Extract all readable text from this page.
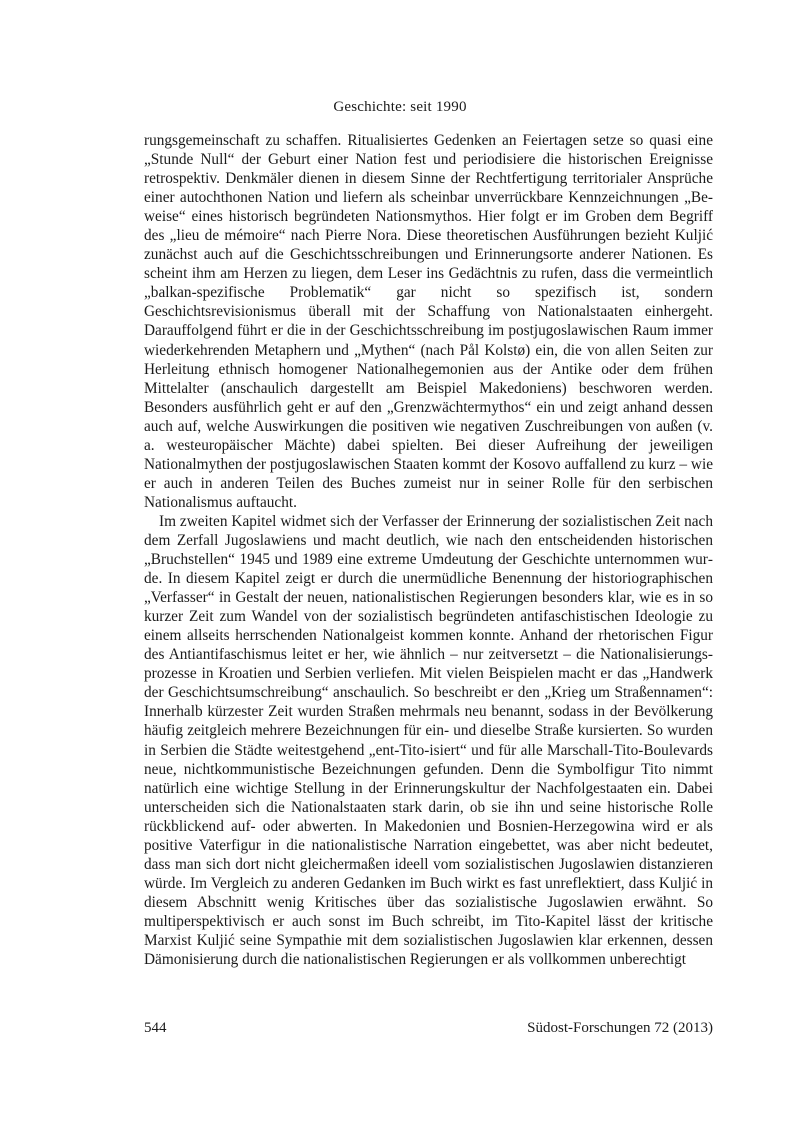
Geschichte: seit 1990

rungsgemeinschaft zu schaffen. Ritualisiertes Gedenken an Feiertagen setze so quasi eine „Stunde Null“ der Geburt einer Nation fest und periodisiere die historischen Ereignisse retrospektiv. Denkmäler dienen in diesem Sinne der Rechtfertigung territorialer Ansprüche einer autochthonen Nation und liefern als scheinbar unverrückbare Kennzeichnungen „Beweise“ eines historisch begründeten Nationsmythos. Hier folgt er im Groben dem Begriff des „lieu de mémoire“ nach Pierre Nora. Diese theoretischen Ausführungen bezieht Kuljić zunächst auch auf die Geschichtsschreibungen und Erinnerungsorte anderer Nationen. Es scheint ihm am Herzen zu liegen, dem Leser ins Gedächtnis zu rufen, dass die vermeintlich „balkan-spezifische Problematik“ gar nicht so spezifisch ist, sondern Geschichtsrevisionismus überall mit der Schaffung von Nationalstaaten einhergeht. Darauffolgend führt er die in der Geschichtsschreibung im postjugoslawischen Raum immer wiederkehrenden Metaphern und „Mythen“ (nach Pål Kolstø) ein, die von allen Seiten zur Herleitung ethnisch homogener Nationalhegemonien aus der Antike oder dem frühen Mittelalter (anschaulich dargestellt am Beispiel Makedoniens) beschworen werden. Besonders ausführlich geht er auf den „Grenzwächtermythos“ ein und zeigt anhand dessen auch auf, welche Auswirkungen die positiven wie negativen Zuschreibungen von außen (v. a. westeuropäischer Mächte) dabei spielten. Bei dieser Aufreihung der jeweiligen Nationalmythen der postjugoslawischen Staaten kommt der Kosovo auffallend zu kurz – wie er auch in anderen Teilen des Buches zumeist nur in seiner Rolle für den serbischen Nationalismus auftaucht.

Im zweiten Kapitel widmet sich der Verfasser der Erinnerung der sozialistischen Zeit nach dem Zerfall Jugoslawiens und macht deutlich, wie nach den entscheidenden historischen „Bruchstellen“ 1945 und 1989 eine extreme Umdeutung der Geschichte unternommen wurde. In diesem Kapitel zeigt er durch die unermüdliche Benennung der historiographischen „Verfasser“ in Gestalt der neuen, nationalistischen Regierungen besonders klar, wie es in so kurzer Zeit zum Wandel von der sozialistisch begründeten antifaschistischen Ideologie zu einem allseits herrschenden Nationalgeist kommen konnte. Anhand der rhetorischen Figur des Antiantifaschismus leitet er her, wie ähnlich – nur zeitversetzt – die Nationalisierungsprozesse in Kroatien und Serbien verliefen. Mit vielen Beispielen macht er das „Handwerk der Geschichtsumschreibung“ anschaulich. So beschreibt er den „Krieg um Straßennamen“: Innerhalb kürzester Zeit wurden Straßen mehrmals neu benannt, sodass in der Bevölkerung häufig zeitgleich mehrere Bezeichnungen für ein- und dieselbe Straße kursierten. So wurden in Serbien die Städte weitestgehend „ent-Tito-isiert“ und für alle Marschall-Tito-Boulevards neue, nichtkommunistische Bezeichnungen gefunden. Denn die Symbolfigur Tito nimmt natürlich eine wichtige Stellung in der Erinnerungskultur der Nachfolgestaaten ein. Dabei unterscheiden sich die Nationalstaaten stark darin, ob sie ihn und seine historische Rolle rückblickend auf- oder abwerten. In Makedonien und Bosnien-Herzegowina wird er als positive Vaterfigur in die nationalistische Narration eingebettet, was aber nicht bedeutet, dass man sich dort nicht gleichermaßen ideell vom sozialistischen Jugoslawien distanzieren würde. Im Vergleich zu anderen Gedanken im Buch wirkt es fast unreflektiert, dass Kuljić in diesem Abschnitt wenig Kritisches über das sozialistische Jugoslawien erwähnt. So multiperspektivisch er auch sonst im Buch schreibt, im Tito-Kapitel lässt der kritische Marxist Kuljić seine Sympathie mit dem sozialistischen Jugoslawien klar erkennen, dessen Dämonisierung durch die nationalistischen Regierungen er als vollkommen unberechtigt

544	Südost-Forschungen 72 (2013)
